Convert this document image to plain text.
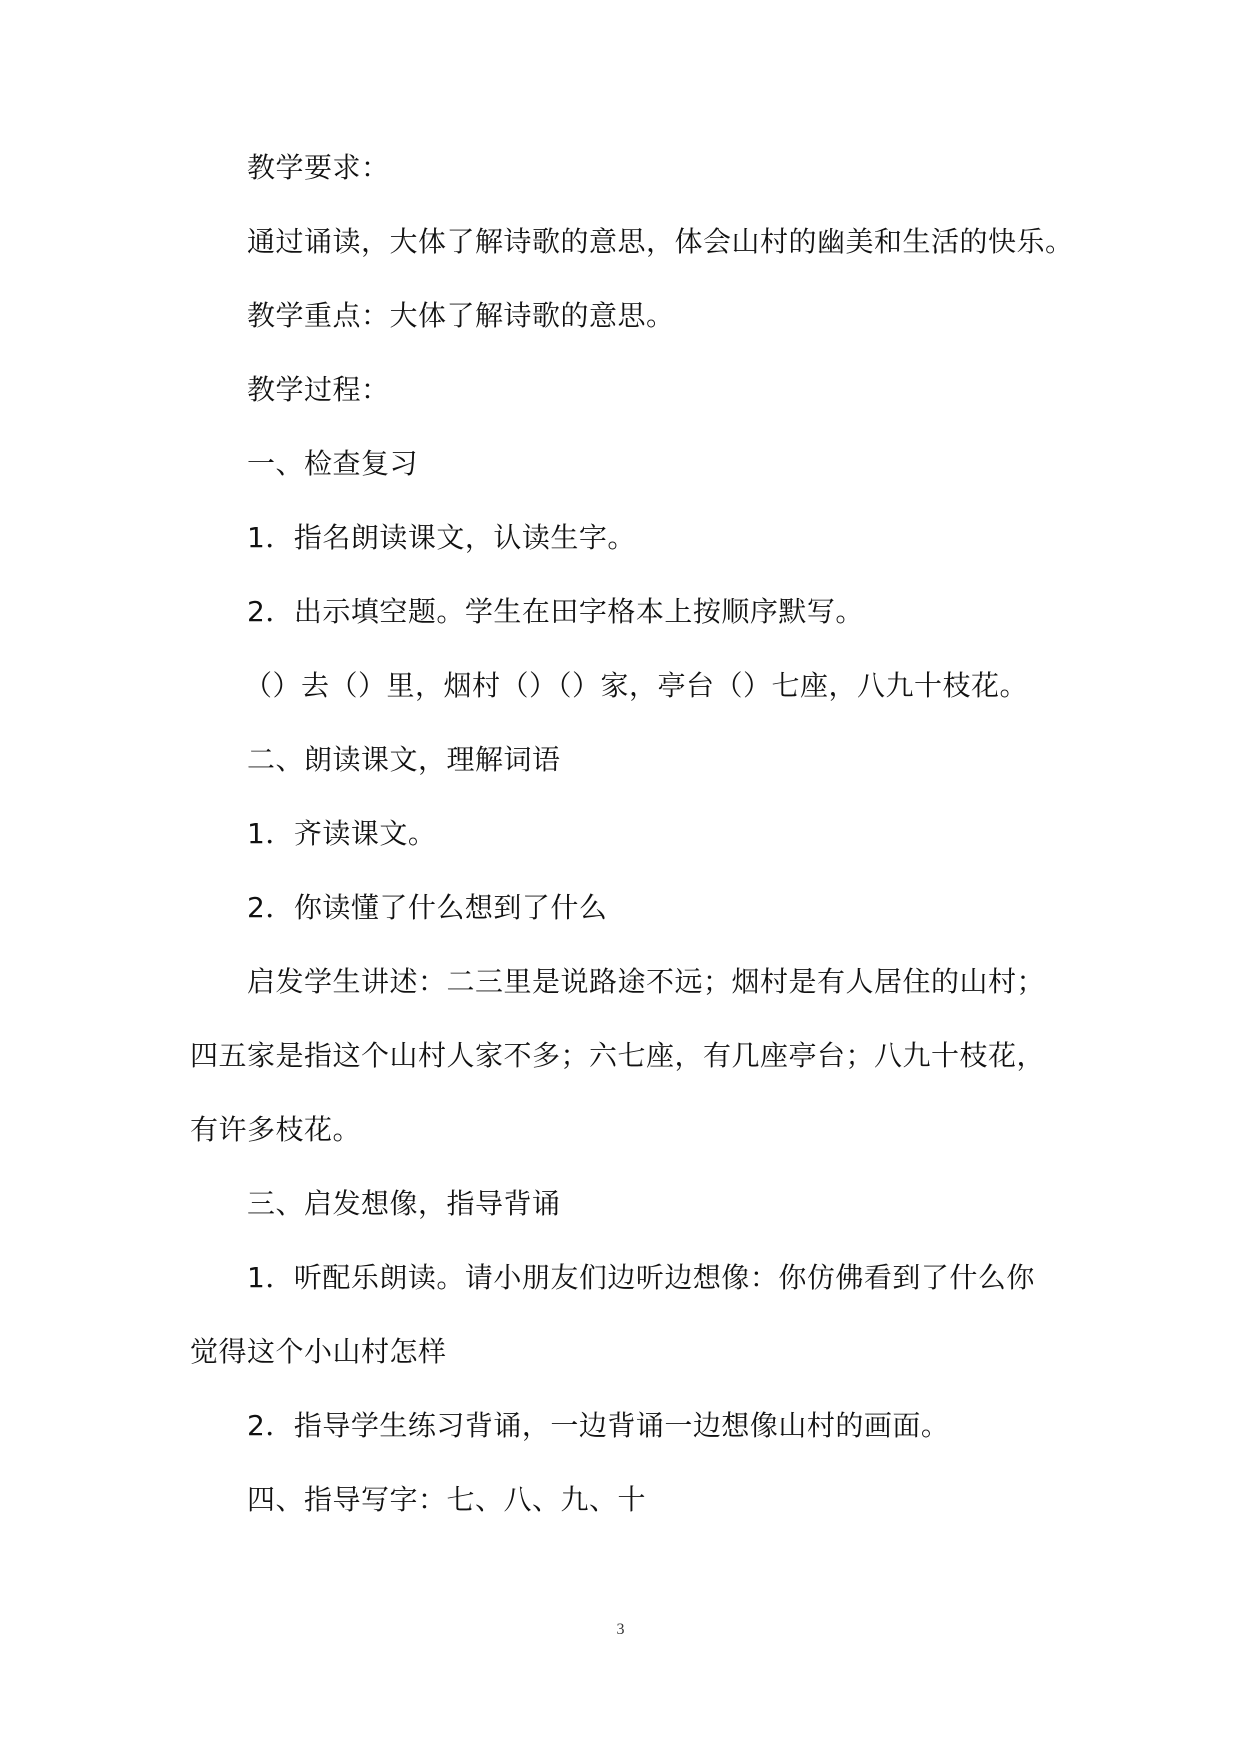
教学要求：
通过诵读，大体了解诗歌的意思，体会山村的幽美和生活的快乐。
教学重点：大体了解诗歌的意思。
教学过程：
一、检查复习
1．指名朗读课文，认读生字。
2．出示填空题。学生在田字格本上按顺序默写。
（）去（）里，烟村（）（）家，亭台（）七座，八九十枝花。
二、朗读课文，理解词语
1．齐读课文。
2．你读懂了什么想到了什么
启发学生讲述：二三里是说路途不远；烟村是有人居住的山村；
四五家是指这个山村人家不多；六七座，有几座亭台；八九十枝花，
有许多枝花。
三、启发想像，指导背诵
1．听配乐朗读。请小朋友们边听边想像：你仿佛看到了什么你
觉得这个小山村怎样
2．指导学生练习背诵，一边背诵一边想像山村的画面。
四、指导写字：七、八、九、十
3
